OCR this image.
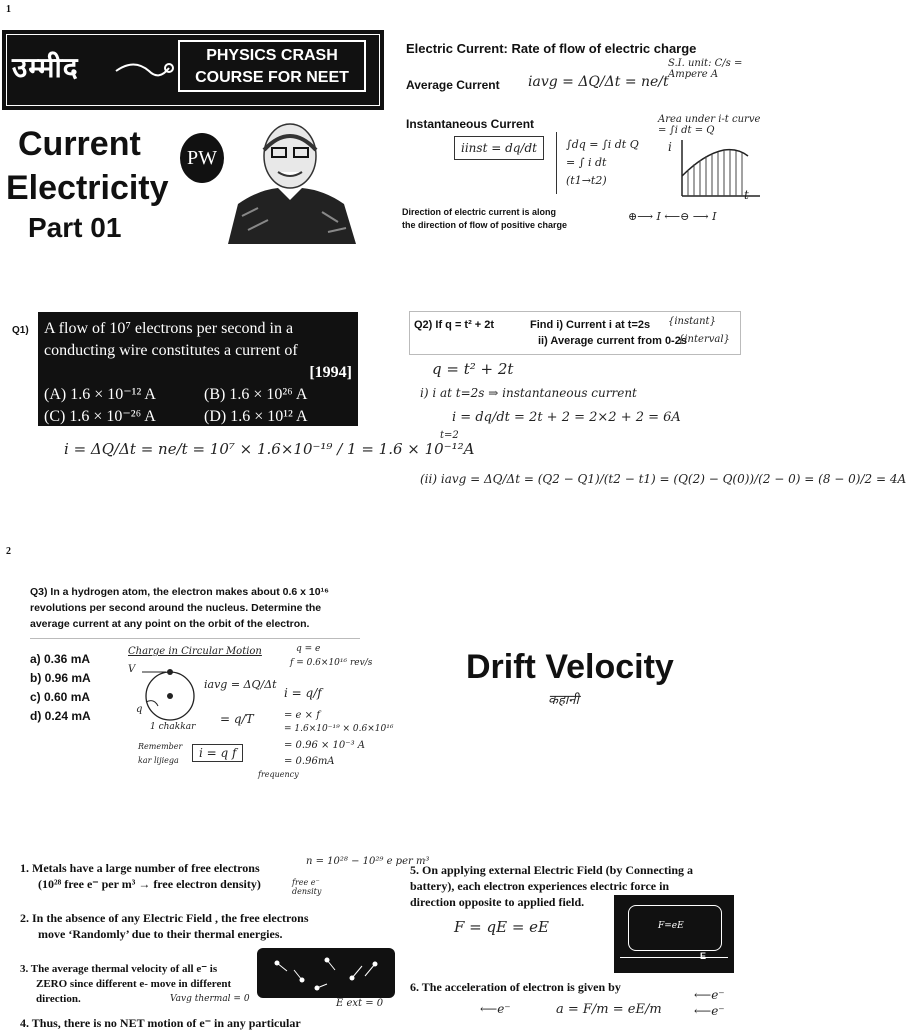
1
2
उम्मीद	PHYSICS CRASH
COURSE FOR NEET
Current
Electricity
Part 01
PW
Electric Current: Rate of flow of electric charge
Average Current iavg = ΔQ/Δt = ne/t
S.I. unit: C/s = Ampere A
Instantaneous Current
iinst = dq/dt	∫dq = ∫i dt Q = ∫ i dt (t1→t2)
Area under i-t curve = ∫i dt = Q
i
t
Direction of electric current is along
the direction of flow of positive charge
⊕⟶ I ⟵⊖ ⟶ I
Q1) A flow of 10⁷ electrons per second in a
conducting wire constitutes a current of
[1994]
(A) 1.6 × 10⁻¹² A	(B) 1.6 × 10²⁶ A
(C) 1.6 × 10⁻²⁶ A	(D) 1.6 × 10¹² A
i = ΔQ/Δt = ne/t = 10⁷ × 1.6×10⁻¹⁹ / 1 = 1.6 × 10⁻¹²A
Q2) If q = t² + 2t	Find i) Current i at t=2s
ii) Average current from 0-2s
{instant}
{interval}
q = t² + 2t
i) i at t=2s ⇒ instantaneous current
i = dq/dt = 2t + 2 = 2×2 + 2 = 6A
t=2
(ii) iavg = ΔQ/Δt = (Q2 − Q1)/(t2 − t1) = (Q(2) − Q(0))/(2 − 0) = (8 − 0)/2 = 4A
Q3) In a hydrogen atom, the electron makes about 0.6 x 10¹⁶
revolutions per second around the nucleus. Determine the
average current at any point on the orbit of the electron.
a) 0.36 mA
b) 0.96 mA
c) 0.60 mA
d) 0.24 mA
Charge in Circular Motion
V
q
q = e
f = 0.6×10¹⁶ rev/s
iavg = ΔQ/Δt
i = q/f
= q/T	= e × f
= 1.6×10⁻¹⁹ × 0.6×10¹⁶
= 0.96 × 10⁻³ A
= 0.96mA
1 chakkar
Remember kar lijiega
i = q f
frequency
Drift Velocity
कहानी
1. Metals have a large number of free electrons
(10²⁸ free e⁻ per m³ → free electron density)
n = 10²⁸ − 10²⁹ e per m³
free e⁻ density
2. In the absence of any Electric Field , the free electrons
move ‘Randomly’ due to their thermal energies.
3. The average thermal velocity of all e⁻ is
ZERO since different e- move in different
direction.	Vavg thermal = 0	E ext = 0
4. Thus, there is no NET motion of e⁻ in any particular
5. On applying external Electric Field (by Connecting a
battery), each electron experiences electric force in
direction opposite to applied field.
F = qE = eE	F=eE
E
6. The acceleration of electron is given by
⟵e⁻	a = F/m = eE/m
⟵e⁻
⟵e⁻
